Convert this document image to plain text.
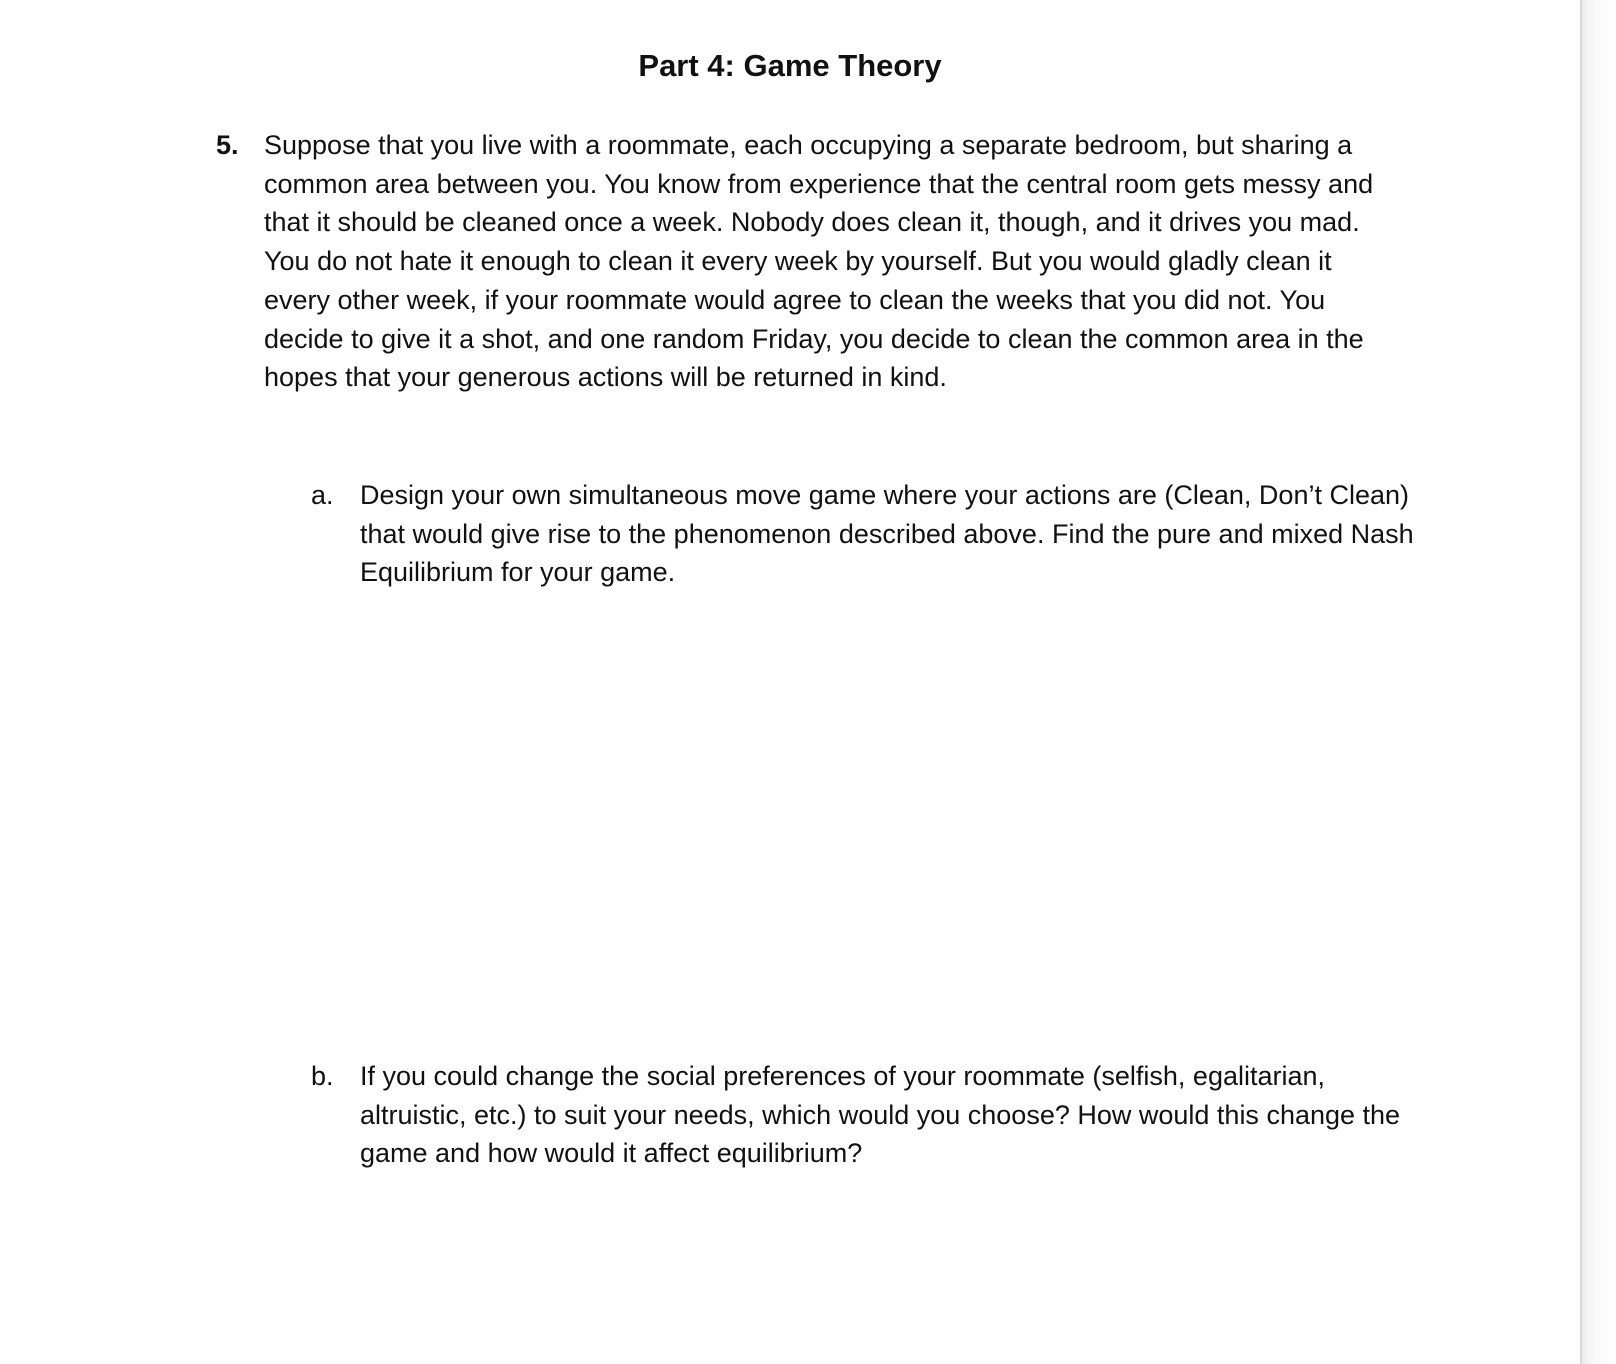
Part 4: Game Theory
5. Suppose that you live with a roommate, each occupying a separate bedroom, but sharing a common area between you. You know from experience that the central room gets messy and that it should be cleaned once a week. Nobody does clean it, though, and it drives you mad. You do not hate it enough to clean it every week by yourself. But you would gladly clean it every other week, if your roommate would agree to clean the weeks that you did not. You decide to give it a shot, and one random Friday, you decide to clean the common area in the hopes that your generous actions will be returned in kind.
a. Design your own simultaneous move game where your actions are (Clean, Don’t Clean) that would give rise to the phenomenon described above. Find the pure and mixed Nash Equilibrium for your game.
b. If you could change the social preferences of your roommate (selfish, egalitarian, altruistic, etc.) to suit your needs, which would you choose? How would this change the game and how would it affect equilibrium?
